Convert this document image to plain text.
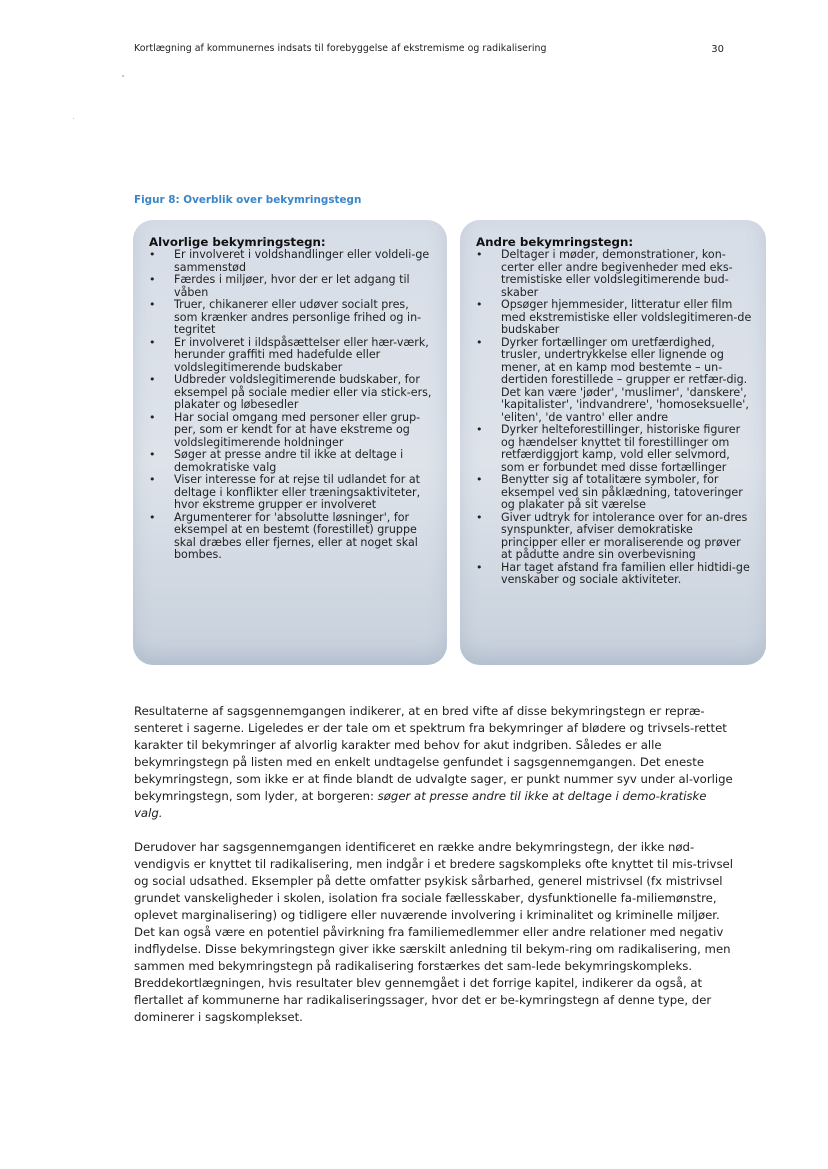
Kortlægning af kommunernes indsats til forebyggelse af ekstremisme og radikalisering	30
Figur 8: Overblik over bekymringstegn
Alvorlige bekymringstegn:
• Er involveret i voldshandlinger eller voldeli-ge sammenstød
• Færdes i miljøer, hvor der er let adgang til våben
• Truer, chikanerer eller udøver socialt pres, som krænker andres personlige frihed og in-tegritet
• Er involveret i ildspåsættelser eller hær-værk, herunder graffiti med hadefulde eller voldslegitimerende budskaber
• Udbreder voldslegitimerende budskaber, for eksempel på sociale medier eller via stick-ers, plakater og løbesedler
• Har social omgang med personer eller grup-per, som er kendt for at have ekstreme og voldslegitimerende holdninger
• Søger at presse andre til ikke at deltage i demokratiske valg
• Viser interesse for at rejse til udlandet for at deltage i konflikter eller træningsaktiviteter, hvor ekstreme grupper er involveret
• Argumenterer for 'absolutte løsninger', for eksempel at en bestemt (forestillet) gruppe skal dræbes eller fjernes, eller at noget skal bombes.
Andre bekymringstegn:
• Deltager i møder, demonstrationer, kon-certer eller andre begivenheder med eks-tremistiske eller voldslegitimerende bud-skaber
• Opsøger hjemmesider, litteratur eller film med ekstremistiske eller voldslegitimeren-de budskaber
• Dyrker fortællinger om uretfærdighed, trusler, undertrykkelse eller lignende og mener, at en kamp mod bestemte – un-dertiden forestillede – grupper er retfær-dig. Det kan være 'jøder', 'muslimer', 'danskere', 'kapitalister', 'indvandrere', 'homoseksuelle', 'eliten', 'de vantro' eller andre
• Dyrker helteforestillinger, historiske figurer og hændelser knyttet til forestillinger om retfærdiggjort kamp, vold eller selvmord, som er forbundet med disse fortællinger
• Benytter sig af totalitære symboler, for eksempel ved sin påklædning, tatoveringer og plakater på sit værelse
• Giver udtryk for intolerance over for an-dres synspunkter, afviser demokratiske principper eller er moraliserende og prøver at pådutte andre sin overbevisning
• Har taget afstand fra familien eller hidtidi-ge venskaber og sociale aktiviteter.
Resultaterne af sagsgennemgangen indikerer, at en bred vifte af disse bekymringstegn er repræ-senteret i sagerne. Ligeledes er der tale om et spektrum fra bekymringer af blødere og trivsels-rettet karakter til bekymringer af alvorlig karakter med behov for akut indgriben. Således er alle bekymringstegn på listen med en enkelt undtagelse genfundet i sagsgennemgangen. Det eneste bekymringstegn, som ikke er at finde blandt de udvalgte sager, er punkt nummer syv under al-vorlige bekymringstegn, som lyder, at borgeren: søger at presse andre til ikke at deltage i demo-kratiske valg.
Derudover har sagsgennemgangen identificeret en række andre bekymringstegn, der ikke nød-vendigvis er knyttet til radikalisering, men indgår i et bredere sagskompleks ofte knyttet til mis-trivsel og social udsathed. Eksempler på dette omfatter psykisk sårbarhed, generel mistrivsel (fx mistrivsel grundet vanskeligheder i skolen, isolation fra sociale fællesskaber, dysfunktionelle fa-miliemønstre, oplevet marginalisering) og tidligere eller nuværende involvering i kriminalitet og kriminelle miljøer. Det kan også være en potentiel påvirkning fra familiemedlemmer eller andre relationer med negativ indflydelse. Disse bekymringstegn giver ikke særskilt anledning til bekym-ring om radikalisering, men sammen med bekymringstegn på radikalisering forstærkes det sam-lede bekymringskompleks. Breddekortlægningen, hvis resultater blev gennemgået i det forrige kapitel, indikerer da også, at flertallet af kommunerne har radikaliseringssager, hvor det er be-kymringstegn af denne type, der dominerer i sagskomplekset.
